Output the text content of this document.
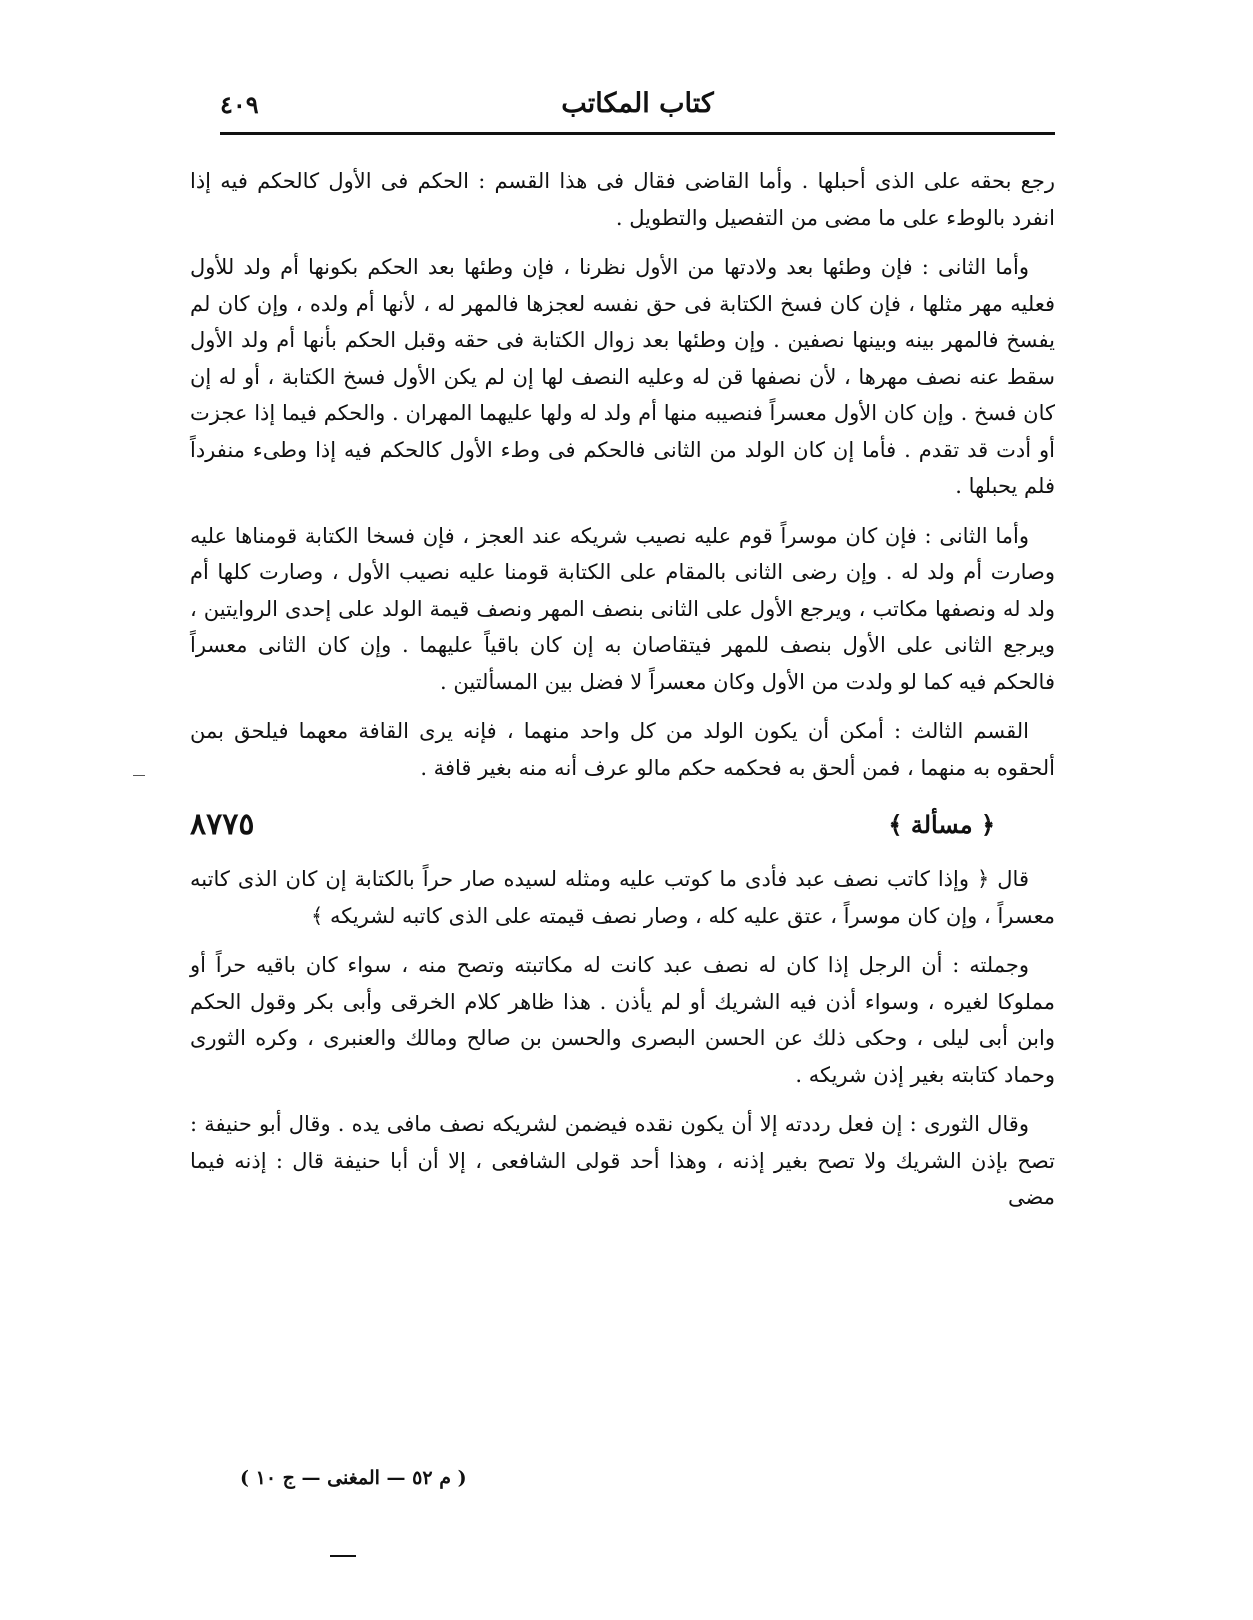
كتاب المكاتب
٤٠٩

رجع بحقه على الذى أحبلها . وأما القاضى فقال فى هذا القسم : الحكم فى الأول كالحكم فيه إذا انفرد بالوطء على ما مضى من التفصيل والتطويل .

وأما الثانى : فإن وطئها بعد ولادتها من الأول نظرنا ، فإن وطئها بعد الحكم بكونها أم ولد للأول فعليه مهر مثلها ، فإن كان فسخ الكتابة فى حق نفسه لعجزها فالمهر له ، لأنها أم ولده ، وإن كان لم يفسخ فالمهر بينه وبينها نصفين . وإن وطئها بعد زوال الكتابة فى حقه وقبل الحكم بأنها أم ولد الأول سقط عنه نصف مهرها ، لأن نصفها قن له وعليه النصف لها إن لم يكن الأول فسخ الكتابة ، أو له إن كان فسخ . وإن كان الأول معسراً فنصيبه منها أم ولد له ولها عليهما المهران . والحكم فيما إذا عجزت أو أدت قد تقدم . فأما إن كان الولد من الثانى فالحكم فى وطء الأول كالحكم فيه إذا وطىء منفرداً فلم يحبلها .

وأما الثانى : فإن كان موسراً قوم عليه نصيب شريكه عند العجز ، فإن فسخا الكتابة قومناها عليه وصارت أم ولد له . وإن رضى الثانى بالمقام على الكتابة قومنا عليه نصيب الأول ، وصارت كلها أم ولد له ونصفها مكاتب ، ويرجع الأول على الثانى بنصف المهر ونصف قيمة الولد على إحدى الروايتين ، ويرجع الثانى على الأول بنصف للمهر فيتقاصان به إن كان باقياً عليهما . وإن كان الثانى معسراً فالحكم فيه كما لو ولدت من الأول وكان معسراً لا فضل بين المسألتين .

القسم الثالث : أمكن أن يكون الولد من كل واحد منهما ، فإنه يرى القافة معهما فيلحق بمن ألحقوه به منهما ، فمن ألحق به فحكمه حكم مالو عرف أنه منه بغير قافة .

٨٧٧٥	﴿ مسألة ﴾

قال ﴿ وإذا كاتب نصف عبد فأدى ما كوتب عليه ومثله لسيده صار حراً بالكتابة إن كان الذى كاتبه معسراً ، وإن كان موسراً ، عتق عليه كله ، وصار نصف قيمته على الذى كاتبه لشريكه ﴾

وجملته : أن الرجل إذا كان له نصف عبد كانت له مكاتبته وتصح منه ، سواء كان باقيه حراً أو مملوكا لغيره ، وسواء أذن فيه الشريك أو لم يأذن . هذا ظاهر كلام الخرقى وأبى بكر وقول الحكم وابن أبى ليلى ، وحكى ذلك عن الحسن البصرى والحسن بن صالح ومالك والعنبرى ، وكره الثورى وحماد كتابته بغير إذن شريكه .

وقال الثورى : إن فعل رددته إلا أن يكون نقده فيضمن لشريكه نصف مافى يده . وقال أبو حنيفة : تصح بإذن الشريك ولا تصح بغير إذنه ، وهذا أحد قولى الشافعى ، إلا أن أبا حنيفة قال : إذنه فيما مضى

( م ٥٢ — المغنى — ج ١٠ )
